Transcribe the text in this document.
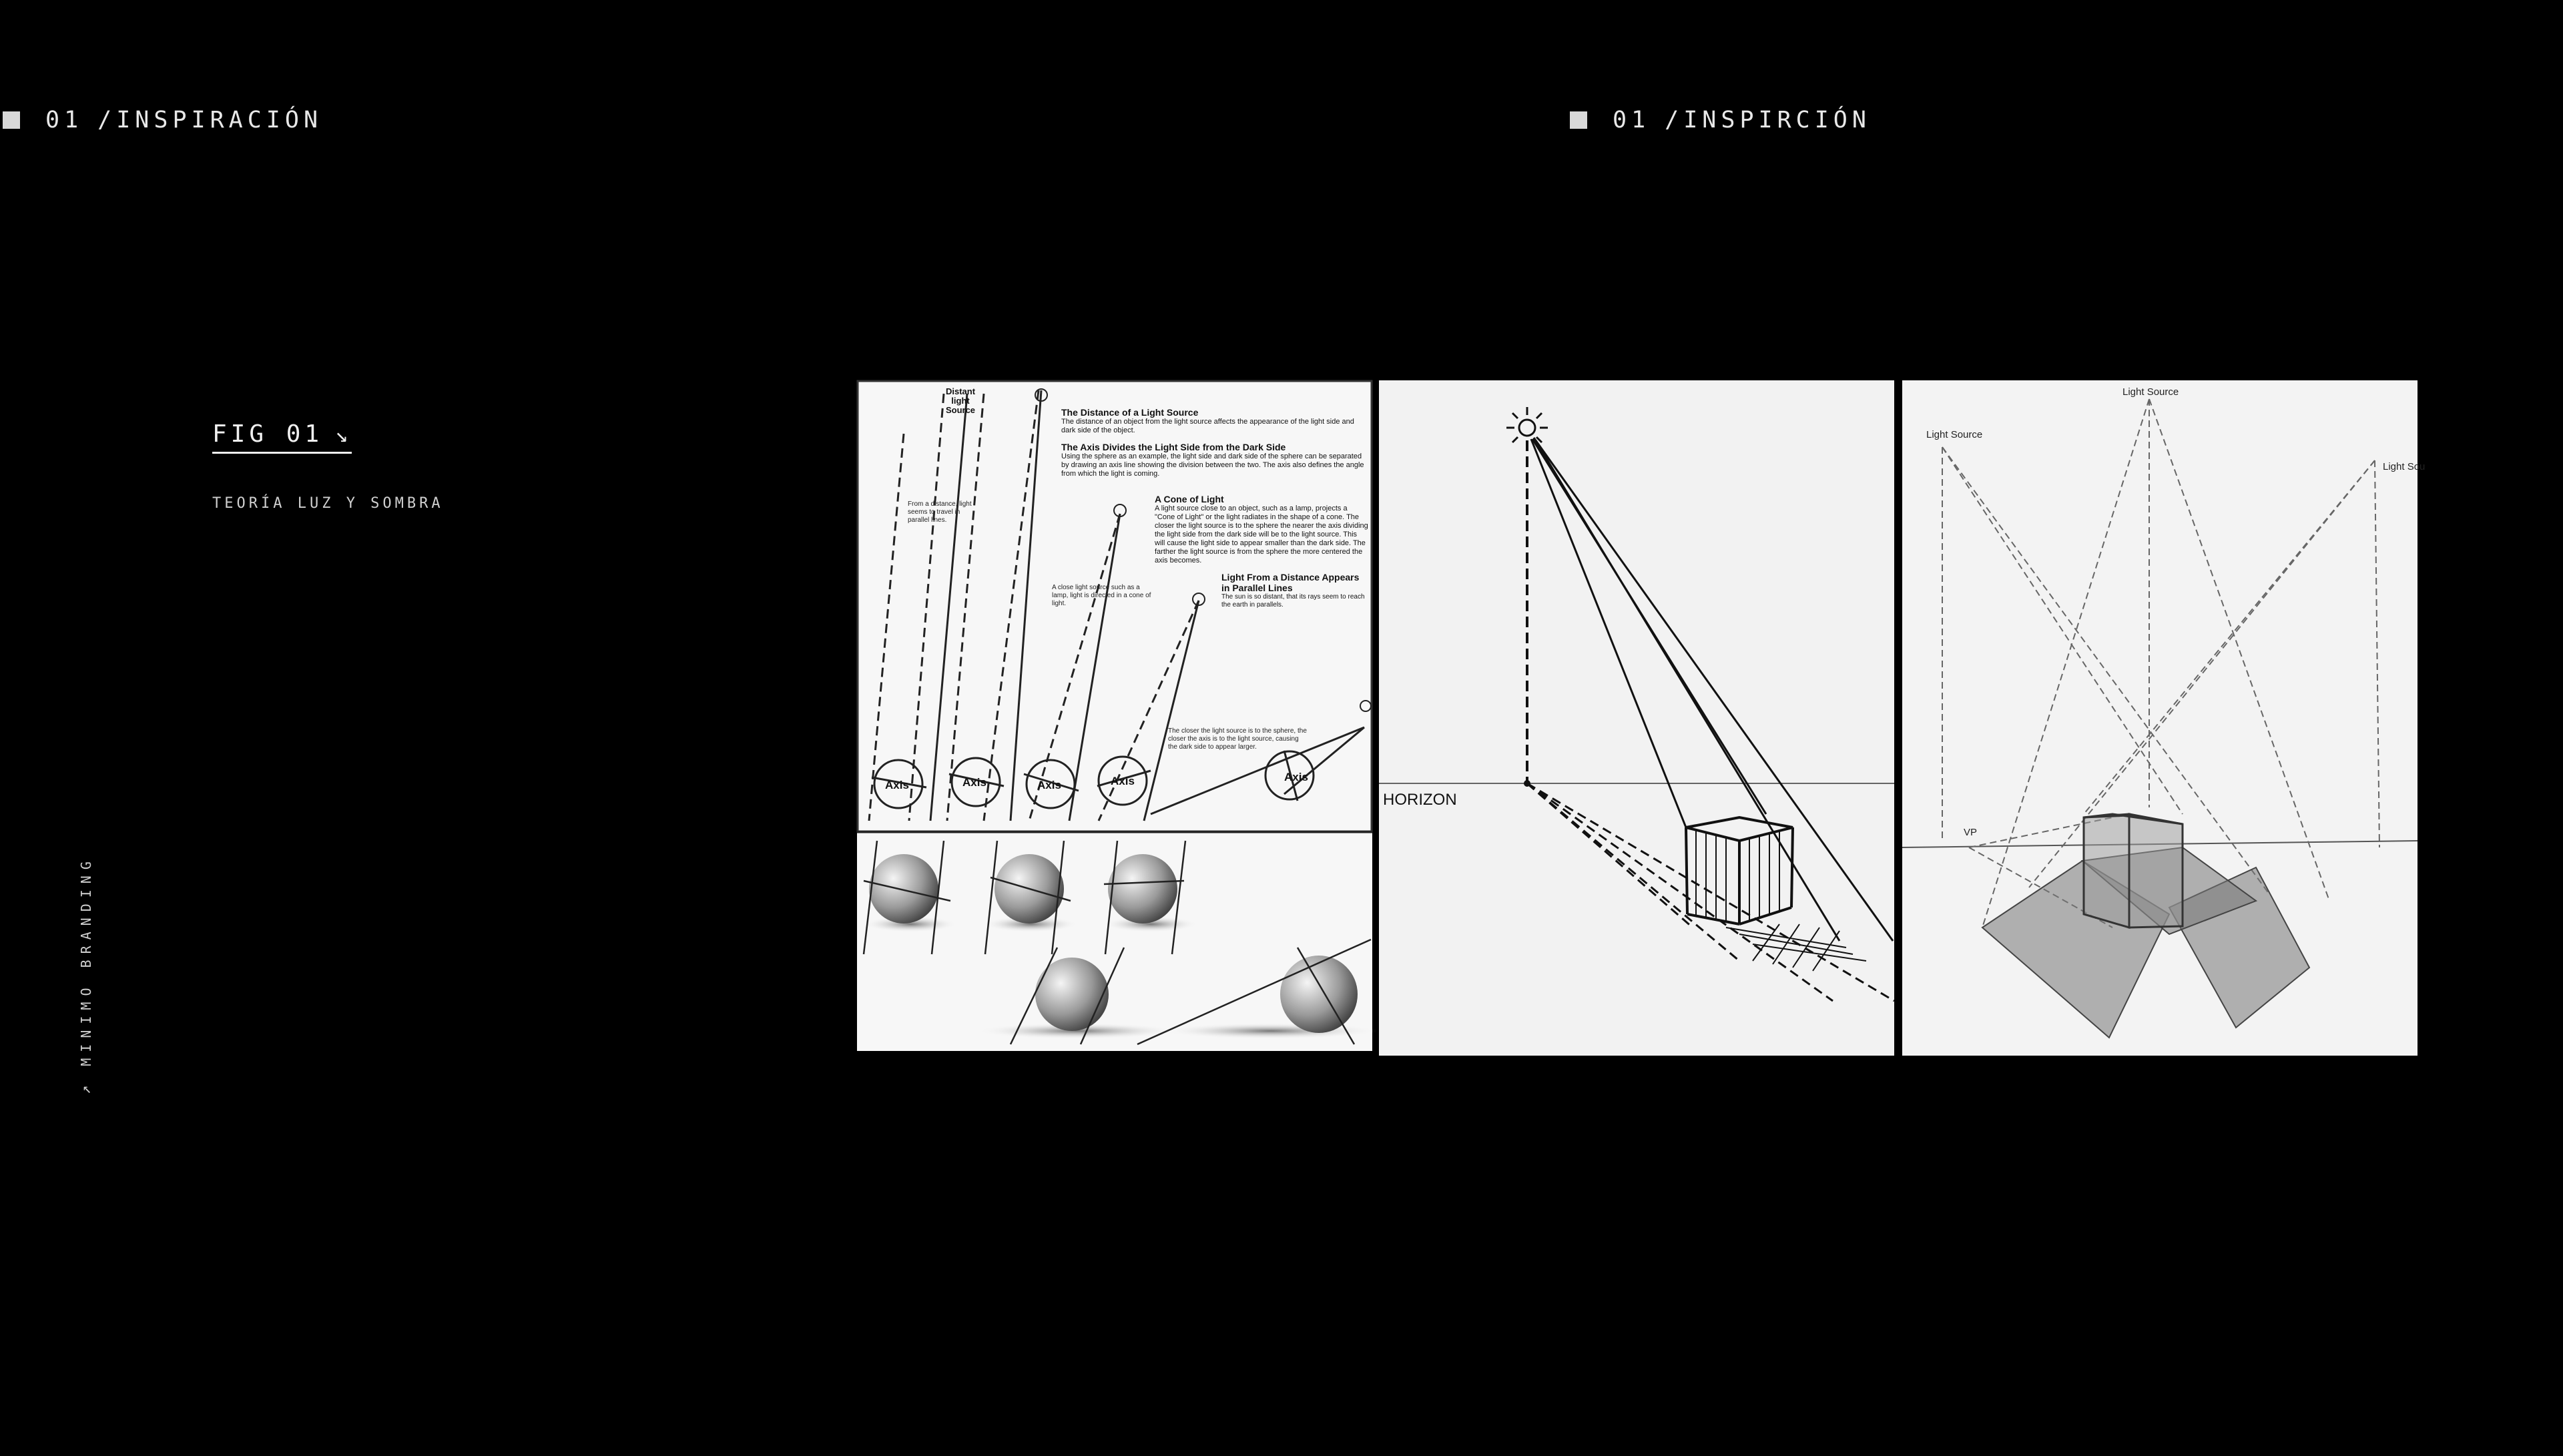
01 /INSPIRACIÓN	01 /INSPIRCIÓN
FIG 01 ↘
TEORÍA LUZ Y SOMBRA
↗
MINIMO BRANDING
Axis	Axis	Axis	Axis	Axis
Distant light Source
From a distance, light seems to travel in parallel lines.
A close light source such as a lamp, light is directed in a cone of light.
The closer the light source is to the sphere, the closer the axis is to the light source, causing the dark side to appear larger.
The Distance of a Light Source
The distance of an object from the light source affects the appearance of the light side and dark side of the object.
The Axis Divides the Light Side from the Dark Side
Using the sphere as an example, the light side and dark side of the sphere can be separated by drawing an axis line showing the division between the two. The axis also defines the angle from which the light is coming.
A Cone of Light
A light source close to an object, such as a lamp, projects a "Cone of Light" or the light radiates in the shape of a cone. The closer the light source is to the sphere the nearer the axis dividing the light side from the dark side will be to the light source. This will cause the light side to appear smaller than the dark side. The farther the light source is from the sphere the more centered the axis becomes.
Light From a Distance Appears in Parallel Lines
The sun is so distant, that its rays seem to reach the earth in parallels.
HORIZON
Light Source
Light Source
Light Sou
VP
